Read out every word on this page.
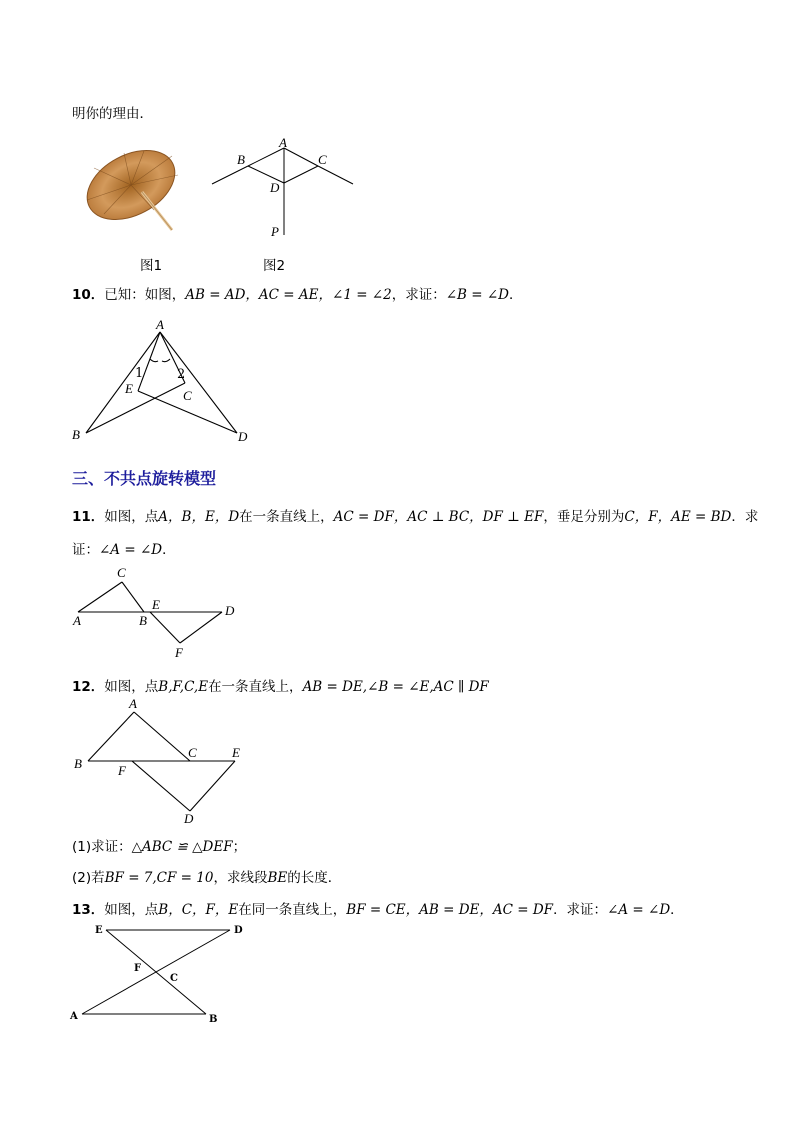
明你的理由．
图1
A
B	C
D
P
图2
10．已知：如图，AB = AD，AC = AE，∠1 = ∠2，求证：∠B = ∠D．
A
B
C
D
E
1	2
三、不共点旋转模型
11．如图，点A，B，E，D在一条直线上，AC = DF，AC ⊥ BC，DF ⊥ EF，垂足分别为C，F，AE = BD．求
证：∠A = ∠D．
C
A	B
E	D
F
12．如图，点B,F,C,E在一条直线上，AB = DE,∠B = ∠E,AC ∥ DF
A
B
C	E
F
D
(1)求证：△ABC ≌ △DEF；
(2)若BF = 7,CF = 10，求线段BE的长度．
13．如图，点B，C，F，E在同一条直线上，BF = CE，AB = DE，AC = DF．求证：∠A = ∠D．
E	D
F
C
A	B
